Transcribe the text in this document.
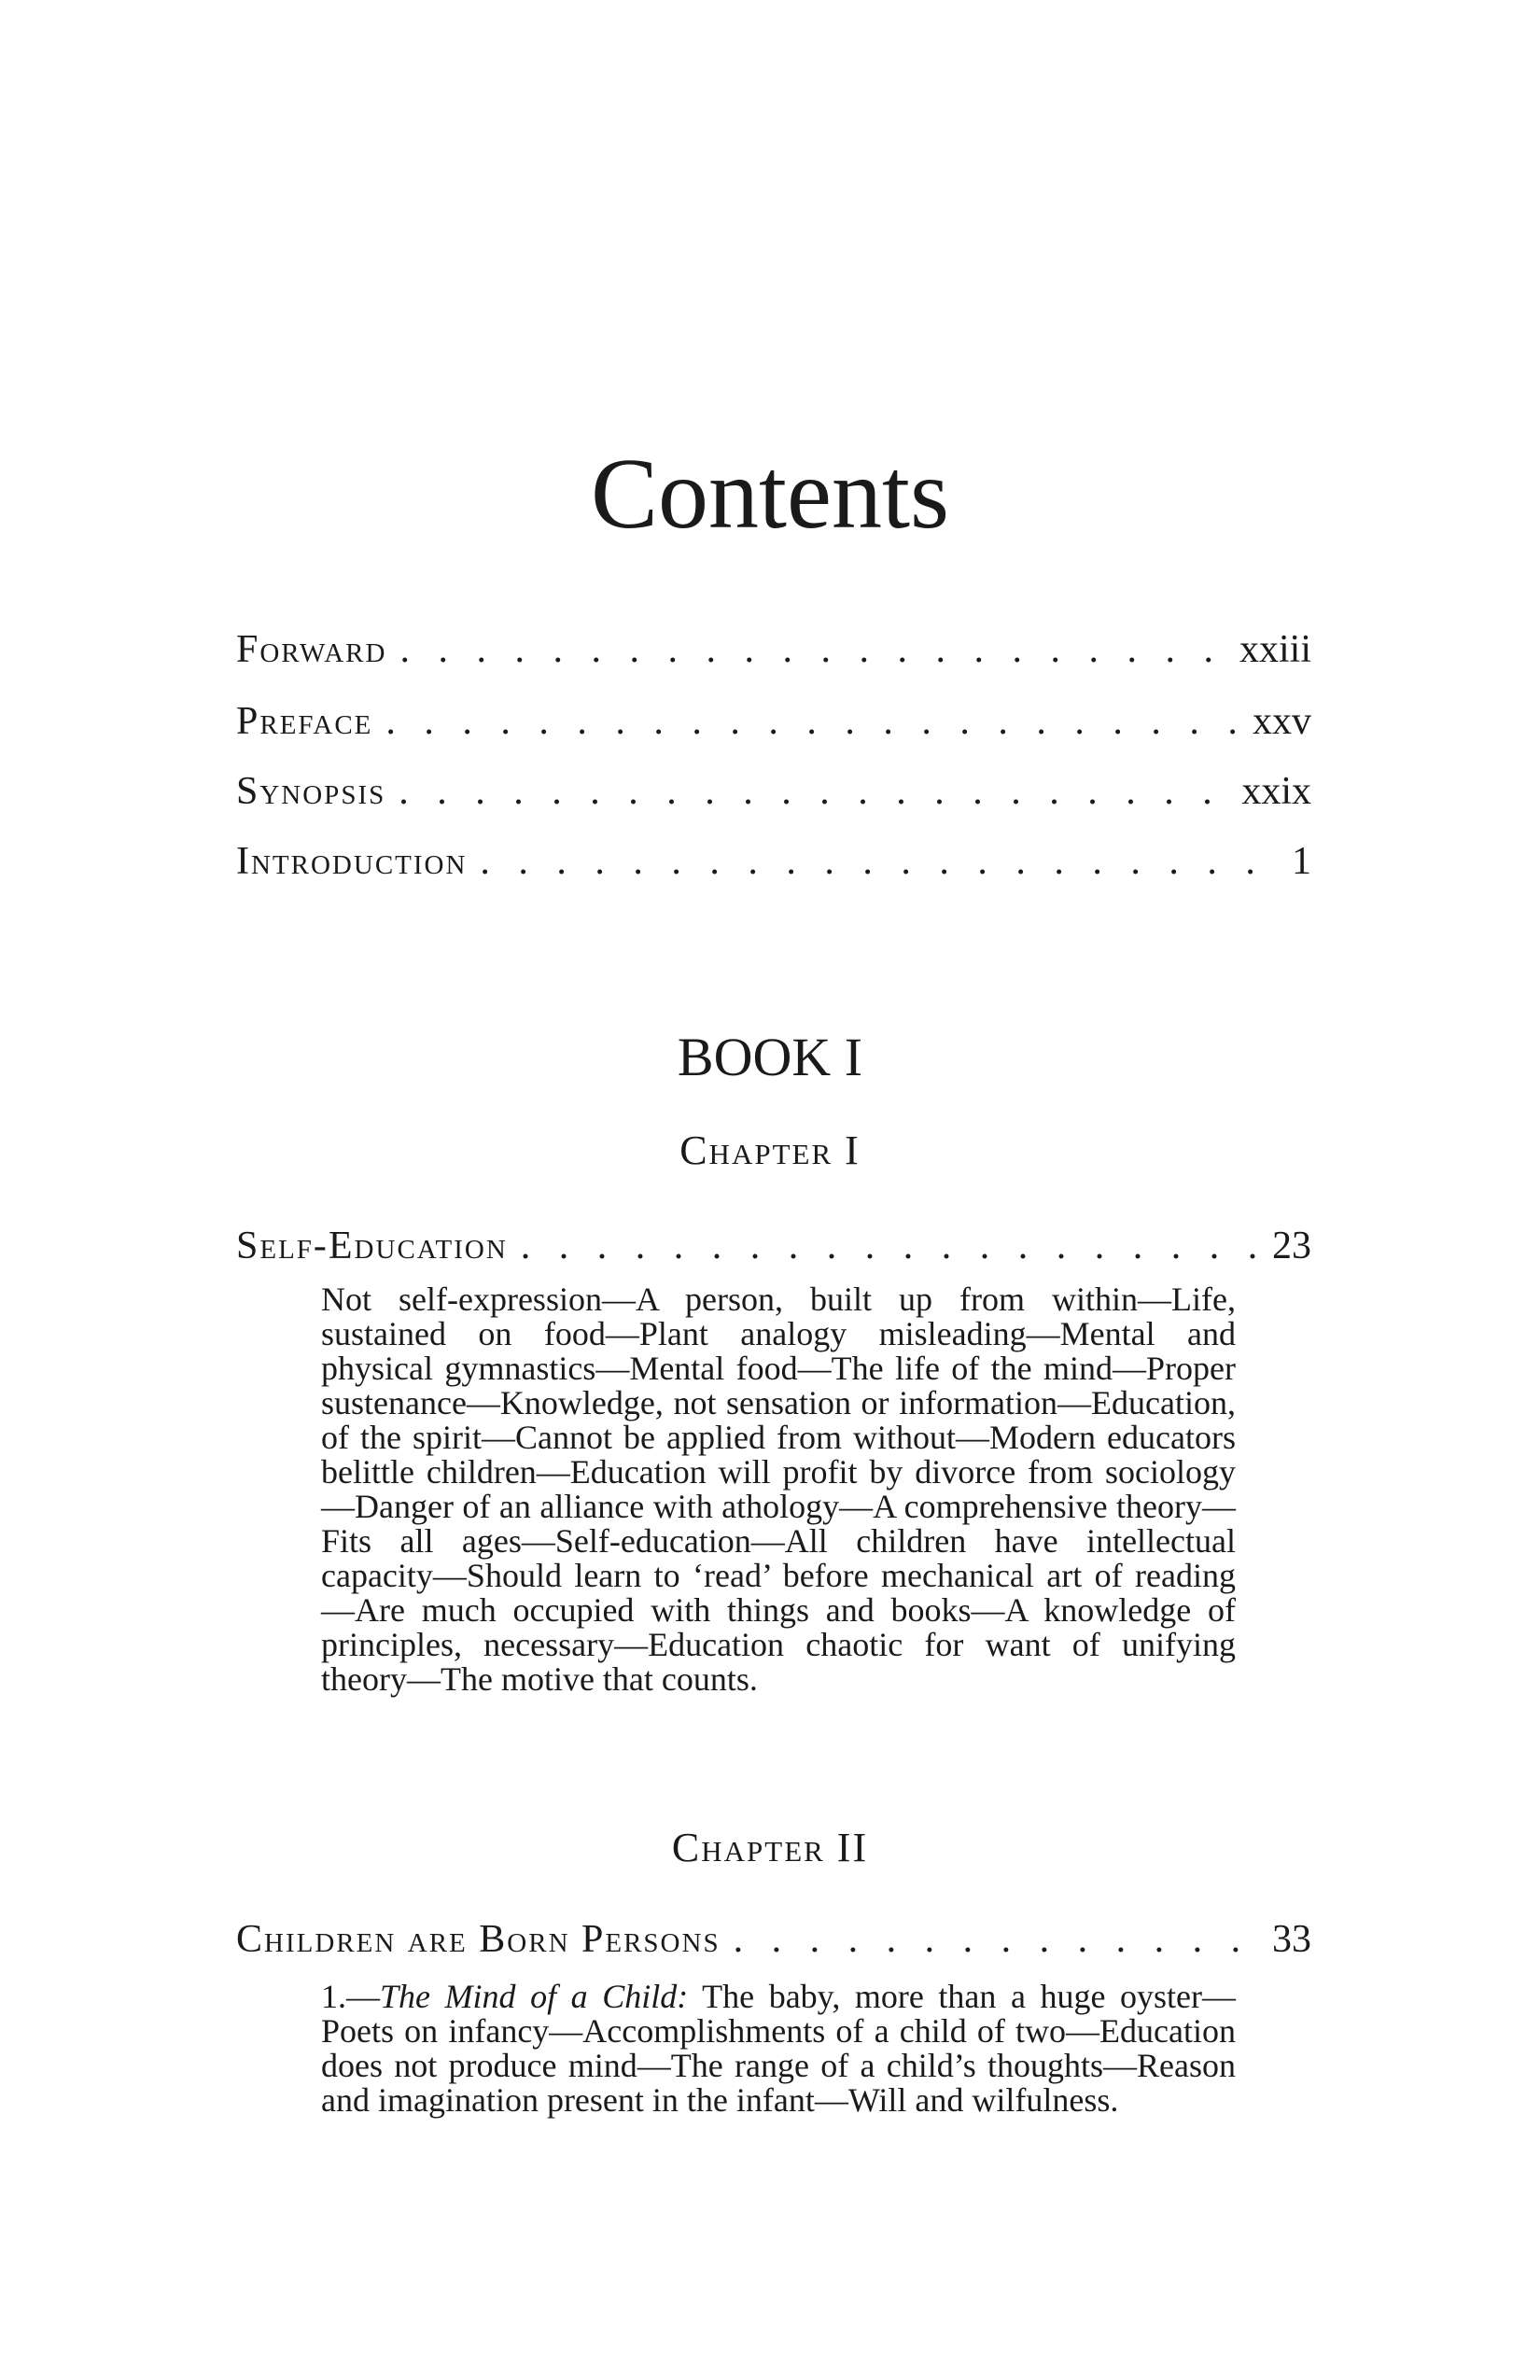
Contents
Forward . . .	xxiii
Preface . . .	xxv
Synopsis . . .	xxix
Introduction . . .	1
BOOK I
Chapter I
Self-Education . . .	23

Not self-expression—A person, built up from within—Life, sustained on food—Plant analogy misleading—Mental and physical gymnastics—Mental food—The life of the mind—Proper sustenance—Knowledge, not sensation or information—Education, of the spirit—Cannot be applied from without—Modern educators belittle children—Education will profit by divorce from sociology—Danger of an alliance with athology—A comprehensive theory—Fits all ages—Self-education—All children have intellectual capacity—Should learn to ‘read’ before mechanical art of reading—Are much occupied with things and books—A knowledge of principles, necessary—Education chaotic for want of unifying theory—The motive that counts.

Chapter II
Children are Born Persons . . .	33

1.—The Mind of a Child: The baby, more than a huge oyster—Poets on infancy—Accomplishments of a child of two—Education does not produce mind—The range of a child’s thoughts—Reason and imagination present in the infant—Will and wilfulness.
